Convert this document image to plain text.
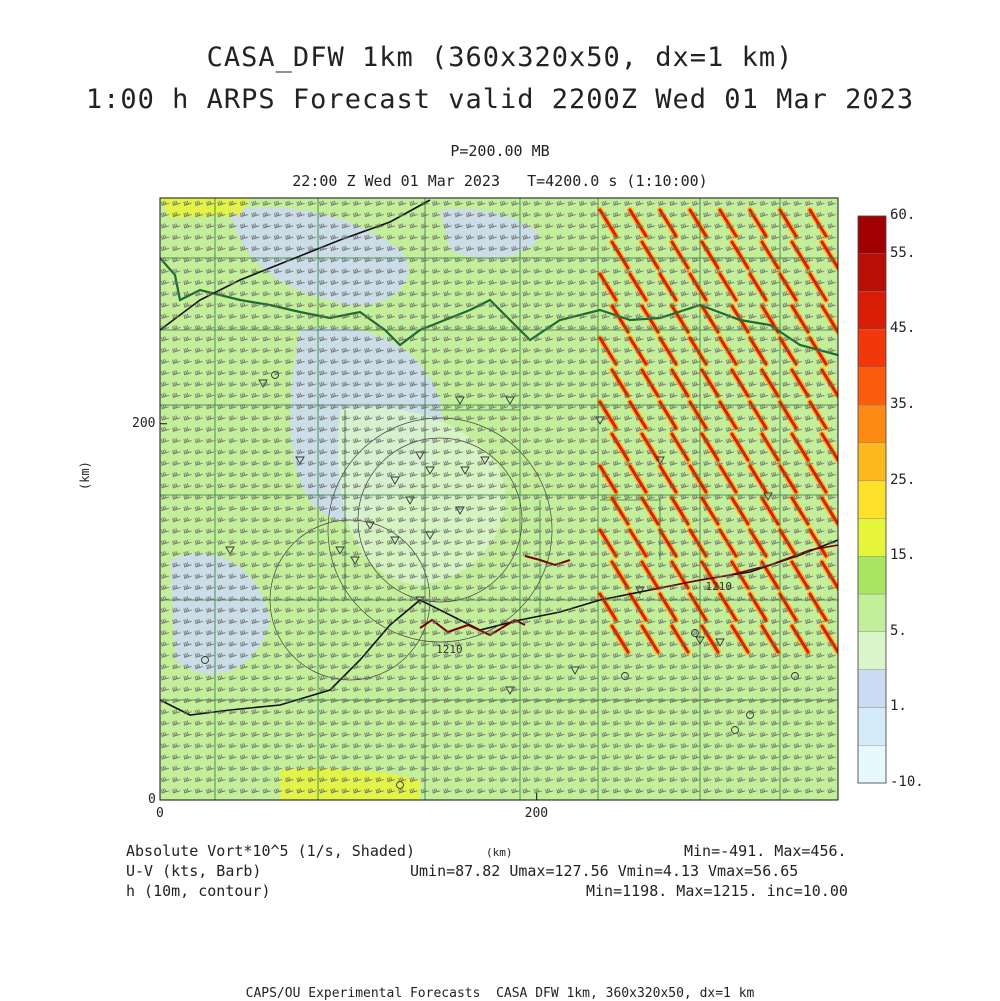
CASA_DFW 1km (360x320x50, dx=1 km)
1:00 h ARPS Forecast valid 2200Z Wed 01 Mar 2023
P=200.00 MB
22:00 Z Wed 01 Mar 2023   T=4200.0 s (1:10:00)
1210
1210
0	200
0
200
(km)
-10.
1.
5.
15.
25.
35.
45.
55.
60.
Absolute Vort*10^5 (1/s, Shaded)	Min=-491. Max=456.
(km)
U-V (kts, Barb)	Umin=87.82 Umax=127.56 Vmin=4.13 Vmax=56.65
h (10m, contour)	Min=1198. Max=1215. inc=10.00
CAPS/OU Experimental Forecasts  CASA DFW 1km, 360x320x50, dx=1 km
